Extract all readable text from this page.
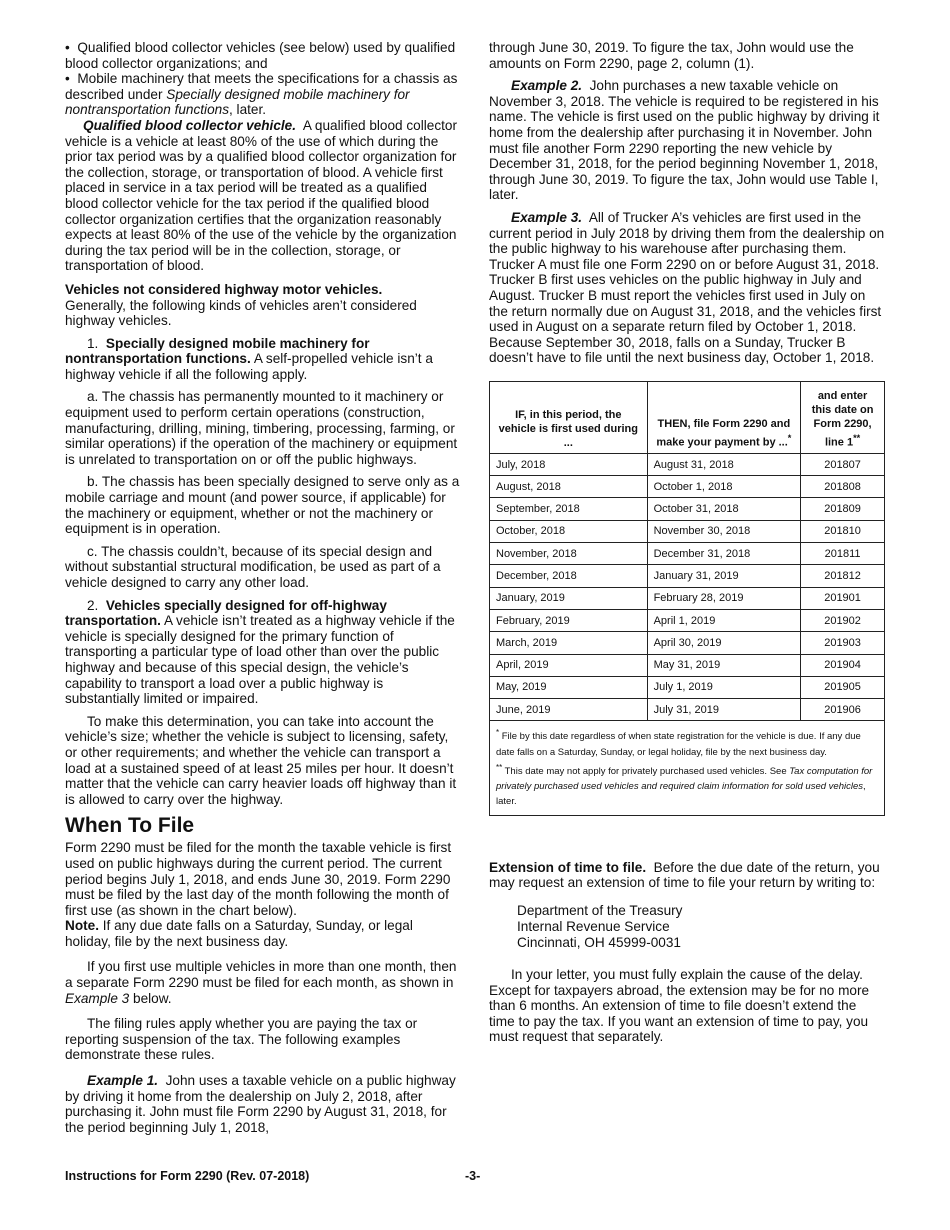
•  Qualified blood collector vehicles (see below) used by qualified blood collector organizations; and

•  Mobile machinery that meets the specifications for a chassis as described under Specially designed mobile machinery for nontransportation functions, later.

Qualified blood collector vehicle. A qualified blood collector vehicle is a vehicle at least 80% of the use of which during the prior tax period was by a qualified blood collector organization for the collection, storage, or transportation of blood. A vehicle first placed in service in a tax period will be treated as a qualified blood collector vehicle for the tax period if the qualified blood collector organization certifies that the organization reasonably expects at least 80% of the use of the vehicle by the organization during the tax period will be in the collection, storage, or transportation of blood.

Vehicles not considered highway motor vehicles.
Generally, the following kinds of vehicles aren’t considered highway vehicles.

1. Specially designed mobile machinery for nontransportation functions. A self-propelled vehicle isn’t a highway vehicle if all the following apply.

a. The chassis has permanently mounted to it machinery or equipment used to perform certain operations (construction, manufacturing, drilling, mining, timbering, processing, farming, or similar operations) if the operation of the machinery or equipment is unrelated to transportation on or off the public highways.

b. The chassis has been specially designed to serve only as a mobile carriage and mount (and power source, if applicable) for the machinery or equipment, whether or not the machinery or equipment is in operation.

c. The chassis couldn’t, because of its special design and without substantial structural modification, be used as part of a vehicle designed to carry any other load.

2. Vehicles specially designed for off-highway transportation. A vehicle isn’t treated as a highway vehicle if the vehicle is specially designed for the primary function of transporting a particular type of load other than over the public highway and because of this special design, the vehicle’s capability to transport a load over a public highway is substantially limited or impaired.

To make this determination, you can take into account the vehicle’s size; whether the vehicle is subject to licensing, safety, or other requirements; and whether the vehicle can transport a load at a sustained speed of at least 25 miles per hour. It doesn’t matter that the vehicle can carry heavier loads off highway than it is allowed to carry over the highway.

When To File

Form 2290 must be filed for the month the taxable vehicle is first used on public highways during the current period. The current period begins July 1, 2018, and ends June 30, 2019. Form 2290 must be filed by the last day of the month following the month of first use (as shown in the chart below).
Note. If any due date falls on a Saturday, Sunday, or legal holiday, file by the next business day.

If you first use multiple vehicles in more than one month, then a separate Form 2290 must be filed for each month, as shown in Example 3 below.

The filing rules apply whether you are paying the tax or reporting suspension of the tax. The following examples demonstrate these rules.

Example 1. John uses a taxable vehicle on a public highway by driving it home from the dealership on July 2, 2018, after purchasing it. John must file Form 2290 by August 31, 2018, for the period beginning July 1, 2018,

through June 30, 2019. To figure the tax, John would use the amounts on Form 2290, page 2, column (1).

Example 2. John purchases a new taxable vehicle on November 3, 2018. The vehicle is required to be registered in his name. The vehicle is first used on the public highway by driving it home from the dealership after purchasing it in November. John must file another Form 2290 reporting the new vehicle by December 31, 2018, for the period beginning November 1, 2018, through June 30, 2019. To figure the tax, John would use Table I, later.

Example 3. All of Trucker A’s vehicles are first used in the current period in July 2018 by driving them from the dealership on the public highway to his warehouse after purchasing them. Trucker A must file one Form 2290 on or before August 31, 2018. Trucker B first uses vehicles on the public highway in July and August. Trucker B must report the vehicles first used in July on the return normally due on August 31, 2018, and the vehicles first used in August on a separate return filed by October 1, 2018. Because September 30, 2018, falls on a Sunday, Trucker B doesn’t have to file until the next business day, October 1, 2018.

IF, in this period, the vehicle is first used during ...	THEN, file Form 2290 and make your payment by ...*	and enter this date on Form 2290, line 1**
July, 2018	August 31, 2018	201807
August, 2018	October 1, 2018	201808
September, 2018	October 31, 2018	201809
October, 2018	November 30, 2018	201810
November, 2018	December 31, 2018	201811
December, 2018	January 31, 2019	201812
January, 2019	February 28, 2019	201901
February, 2019	April 1, 2019	201902
March, 2019	April 30, 2019	201903
April, 2019	May 31, 2019	201904
May, 2019	July 1, 2019	201905
June, 2019	July 31, 2019	201906

* File by this date regardless of when state registration for the vehicle is due. If any due date falls on a Saturday, Sunday, or legal holiday, file by the next business day.
** This date may not apply for privately purchased used vehicles. See Tax computation for privately purchased used vehicles and required claim information for sold used vehicles, later.		

Extension of time to file. Before the due date of the return, you may request an extension of time to file your return by writing to:

Department of the Treasury
Internal Revenue Service
Cincinnati, OH 45999-0031

In your letter, you must fully explain the cause of the delay. Except for taxpayers abroad, the extension may be for no more than 6 months. An extension of time to file doesn’t extend the time to pay the tax. If you want an extension of time to pay, you must request that separately.

Instructions for Form 2290 (Rev. 07-2018)	-3-
